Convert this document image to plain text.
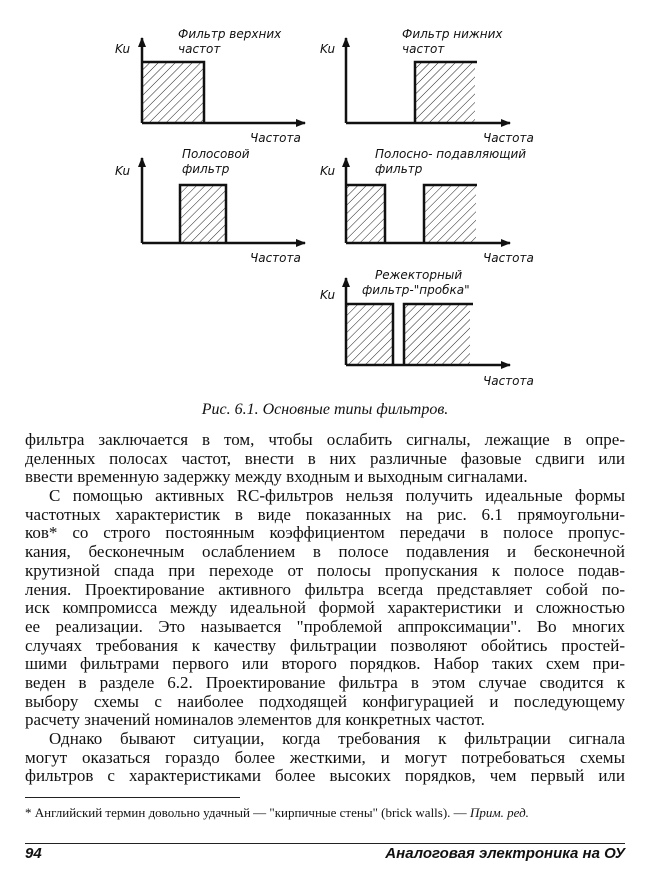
Ku
Фильтр верхних
частот
Частота
Ku
Фильтр нижних
частот
Частота
Ku
Полосовой
фильтр
Частота
Ku
Полосно- подавляющий
фильтр
Частота
Ku
Режекторный
фильтр-"пробка"
Частота
Рис. 6.1. Основные типы фильтров.
фильтра заключается в том, чтобы ослабить сигналы, лежащие в опре-
деленных полосах частот, внести в них различные фазовые сдвиги или
ввести временную задержку между входным и выходным сигналами.
С помощью активных RC-фильтров нельзя получить идеальные формы
частотных характеристик в виде показанных на рис. 6.1 прямоугольни-
ков* со строго постоянным коэффициентом передачи в полосе пропус-
кания, бесконечным ослаблением в полосе подавления и бесконечной
крутизной спада при переходе от полосы пропускания к полосе подав-
ления. Проектирование активного фильтра всегда представляет собой по-
иск компромисса между идеальной формой характеристики и сложностью
ее реализации. Это называется "проблемой аппроксимации". Во многих
случаях требования к качеству фильтрации позволяют обойтись простей-
шими фильтрами первого или второго порядков. Набор таких схем при-
веден в разделе 6.2. Проектирование фильтра в этом случае сводится к
выбору схемы с наиболее подходящей конфигурацией и последующему
расчету значений номиналов элементов для конкретных частот.
Однако бывают ситуации, когда требования к фильтрации сигнала
могут оказаться гораздо более жесткими, и могут потребоваться схемы
фильтров с характеристиками более высоких порядков, чем первый или
* Английский термин довольно удачный — "кирпичные стены" (brick walls). — Прим. ред.
94	Аналоговая электроника на ОУ
